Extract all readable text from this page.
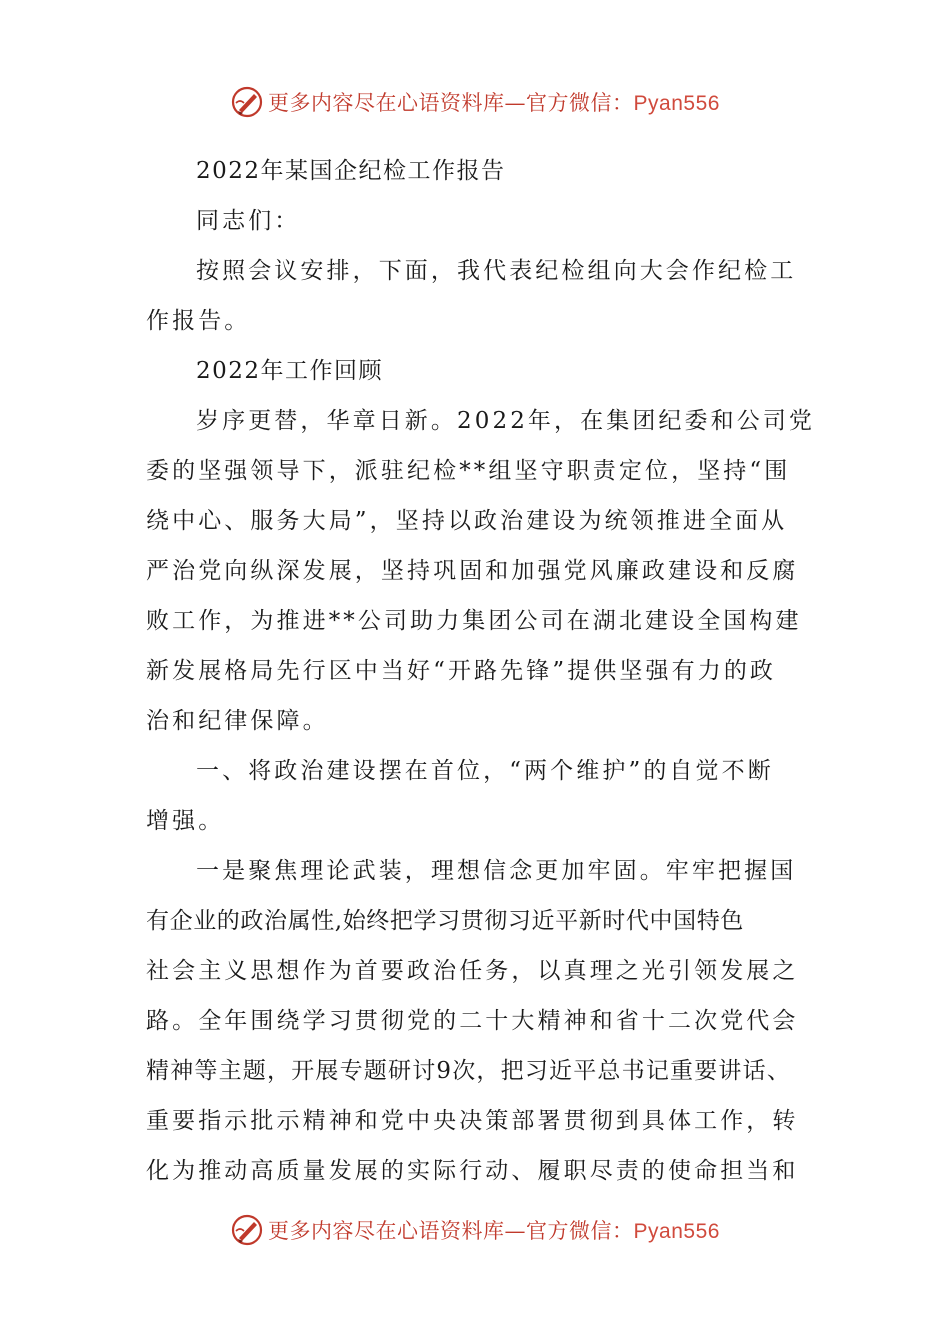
更多内容尽在心语资料库—官方微信：Pyan556
2022年某国企纪检工作报告
同志们：
按照会议安排，下面，我代表纪检组向大会作纪检工
作报告。
2022年工作回顾
岁序更替，华章日新。2022年，在集团纪委和公司党
委的坚强领导下，派驻纪检**组坚守职责定位，坚持“围
绕中心、服务大局”，坚持以政治建设为统领推进全面从
严治党向纵深发展，坚持巩固和加强党风廉政建设和反腐
败工作，为推进**公司助力集团公司在湖北建设全国构建
新发展格局先行区中当好“开路先锋”提供坚强有力的政
治和纪律保障。
一、将政治建设摆在首位，“两个维护”的自觉不断
增强。
一是聚焦理论武装，理想信念更加牢固。牢牢把握国
有企业的政治属性,始终把学习贯彻习近平新时代中国特色
社会主义思想作为首要政治任务，以真理之光引领发展之
路。全年围绕学习贯彻党的二十大精神和省十二次党代会
精神等主题，开展专题研讨9次，把习近平总书记重要讲话、
重要指示批示精神和党中央决策部署贯彻到具体工作，转
化为推动高质量发展的实际行动、履职尽责的使命担当和
更多内容尽在心语资料库—官方微信：Pyan556
